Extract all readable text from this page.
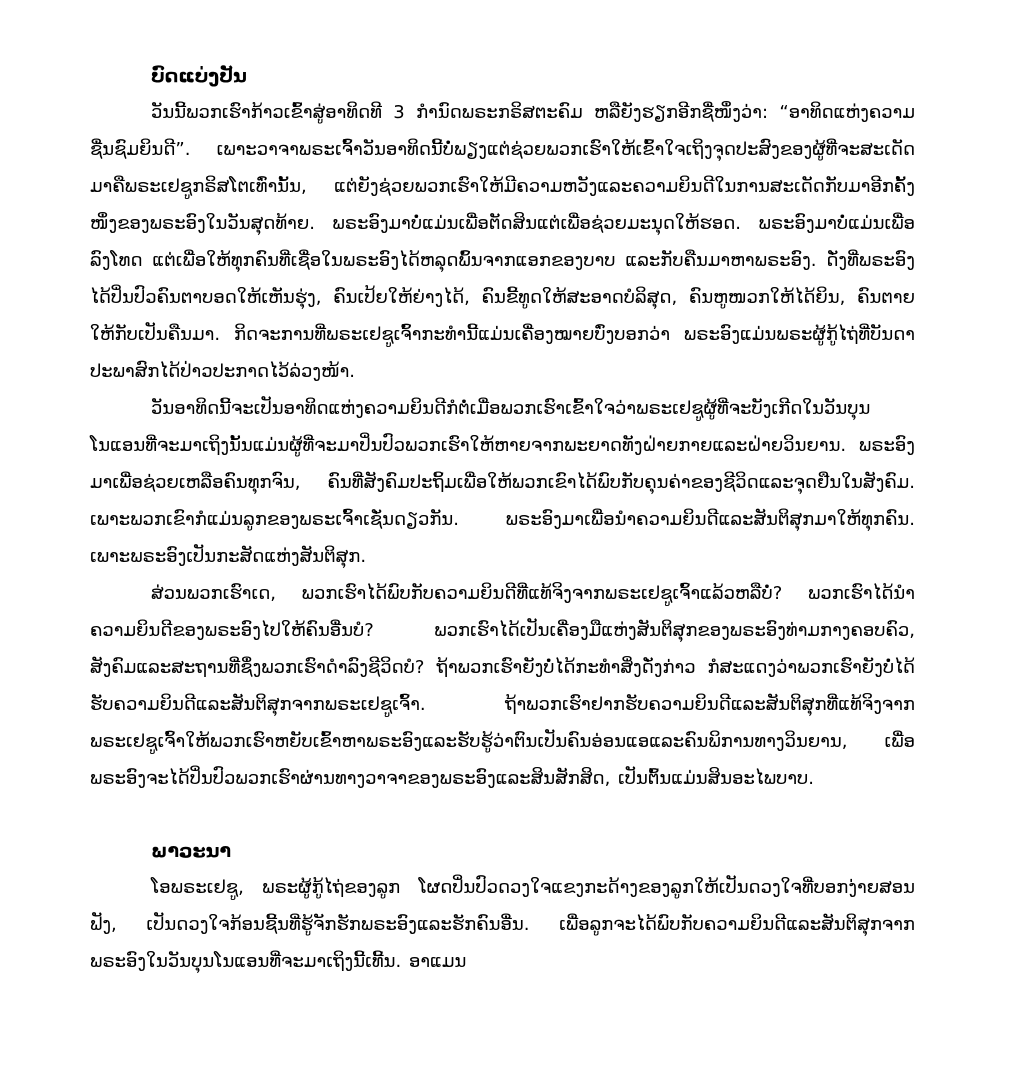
ບົດແບ່ງປັນ

ວັນນີ້ພວກເຮົາກ້າວເຂົ້າສູ່ອາທິດທີ 3 ກຳນົດພຣະກຣິສຕະຄົມ ຫລືຍັງຮຽກອີກຊື່ໜຶ່ງວ່າ: “ອາທິດແຫ່ງຄວາມຊື່ນຊົມຍິນດີ”. ເພາະວາຈາພຣະເຈົ້າວັນອາທິດນີ້ບໍ່ພຽງແຕ່ຊ່ວຍພວກເຮົາໃຫ້ເຂົ້າໃຈເຖິງຈຸດປະສົງຂອງຜູ້ທີ່ຈະສະເດັດມາຄືພຣະເຢຊູກຣິສໂຕເທົ່ານັ້ນ, ແຕ່ຍັງຊ່ວຍພວກເຮົາໃຫ້ມີຄວາມຫວັງແລະຄວາມຍິນດີໃນການສະເດັດກັບມາອີກຄັ້ງໜຶ່ງຂອງພຣະອົງໃນວັນສຸດທ້າຍ. ພຣະອົງມາບໍ່ແມ່ນເພື່ອຕັດສິນແຕ່ເພື່ອຊ່ວຍມະນຸດໃຫ້ຮອດ. ພຣະອົງມາບໍ່ແມ່ນເພື່ອລົງໂທດ ແຕ່ເພື່ອໃຫ້ທຸກຄົນທີ່ເຊື່ອໃນພຣະອົງໄດ້ຫລຸດພົ້ນຈາກແອກຂອງບາບ ແລະກັບຄືນມາຫາພຣະອົງ. ດັ່ງທີ່ພຣະອົງໄດ້ປິ່ນປົວຄົນຕາບອດໃຫ້ເຫັນຮຸ່ງ, ຄົນເປ້ຍໃຫ້ຍ່າງໄດ້, ຄົນຂີ້ທູດໃຫ້ສະອາດບໍລິສຸດ, ຄົນຫູໜວກໃຫ້ໄດ້ຍິນ, ຄົນຕາຍໃຫ້ກັບເປັນຄືນມາ. ກິດຈະການທີ່ພຣະເຢຊູເຈົ້າກະທຳນີ້ແມ່ນເຄື່ອງໝາຍບົ່ງບອກວ່າ ພຣະອົງແມ່ນພຣະຜູ້ກູ້ໄຖ່ທີ່ບັນດາປະພາສົກໄດ້ປ່າວປະກາດໄວ້ລ່ວງໜ້າ.

ວັນອາທິດນີ້ຈະເປັນອາທິດແຫ່ງຄວາມຍິນດີກໍຕໍ່ເມື່ອພວກເຮົາເຂົ້າໃຈວ່າພຣະເຢຊູຜູ້ທີ່ຈະບັງເກີດໃນວັນບຸນໂນແອນທີ່ຈະມາເຖິງນັ້ນແມ່ນຜູ້ທີ່ຈະມາປິ່ນປົວພວກເຮົາໃຫ້ຫາຍຈາກພະຍາດທັງຝ່າຍກາຍແລະຝ່າຍວິນຍານ. ພຣະອົງມາເພື່ອຊ່ວຍເຫລືອຄົນທຸກຈົນ, ຄົນທີ່ສັງຄົມປະຖິ້ມເພື່ອໃຫ້ພວກເຂົາໄດ້ພົບກັບຄຸນຄ່າຂອງຊີວິດແລະຈຸດຢືນໃນສັງຄົມ. ເພາະພວກເຂົາກໍແມ່ນລູກຂອງພຣະເຈົ້າເຊັ່ນດຽວກັນ. ພຣະອົງມາເພື່ອນຳຄວາມຍິນດີແລະສັນຕິສຸກມາໃຫ້ທຸກຄົນ. ເພາະພຣະອົງເປັນກະສັດແຫ່ງສັນຕິສຸກ.

ສ່ວນພວກເຮົາເດ, ພວກເຮົາໄດ້ພົບກັບຄວາມຍິນດີທີ່ແທ້ຈິງຈາກພຣະເຢຊູເຈົ້າແລ້ວຫລືບໍ່? ພວກເຮົາໄດ້ນຳຄວາມຍິນດີຂອງພຣະອົງໄປໃຫ້ຄົນອື່ນບໍ? ພວກເຮົາໄດ້ເປັນເຄື່ອງມືແຫ່ງສັນຕິສຸກຂອງພຣະອົງທ່າມກາງຄອບຄົວ, ສັງຄົມແລະສະຖານທີ່ຊຶ່ງພວກເຮົາດຳລົງຊີວິດບໍ? ຖ້າພວກເຮົາຍັງບໍ່ໄດ້ກະທຳສິ່ງດັ່ງກ່າວ ກໍສະແດງວ່າພວກເຮົາຍັງບໍ່ໄດ້ຮັບຄວາມຍິນດີແລະສັນຕິສຸກຈາກພຣະເຢຊູເຈົ້າ. ຖ້າພວກເຮົາຢາກຮັບຄວາມຍິນດີແລະສັນຕິສຸກທີ່ແທ້ຈິງຈາກພຣະເຢຊູເຈົ້າໃຫ້ພວກເຮົາຫຍັບເຂົ້າຫາພຣະອົງແລະຮັບຮູ້ວ່າຕົນເປັນຄົນອ່ອນແອແລະຄົນພິການທາງວິນຍານ, ເພື່ອພຣະອົງຈະໄດ້ປິ່ນປົວພວກເຮົາຜ່ານທາງວາຈາຂອງພຣະອົງແລະສິນສັກສິດ, ເປັນຕົ້ນແມ່ນສິນອະໄພບາບ.

ພາວະນາ

ໂອພຣະເຢຊູ, ພຣະຜູ້ກູ້ໄຖ່ຂອງລູກ ໂຜດປິ່ນປົວດວງໃຈແຂງກະດ້າງຂອງລູກໃຫ້ເປັນດວງໃຈທີ່ບອກງ່າຍສອນຟັງ, ເປັນດວງໃຈກ້ອນຊີ້ນທີ່ຮູ້ຈັກຮັກພຣະອົງແລະຮັກຄົນອື່ນ. ເພື່ອລູກຈະໄດ້ພົບກັບຄວາມຍິນດີແລະສັນຕິສຸກຈາກພຣະອົງໃນວັນບຸນໂນແອນທີ່ຈະມາເຖິງນີ້ເທີ້ນ. ອາແມນ
